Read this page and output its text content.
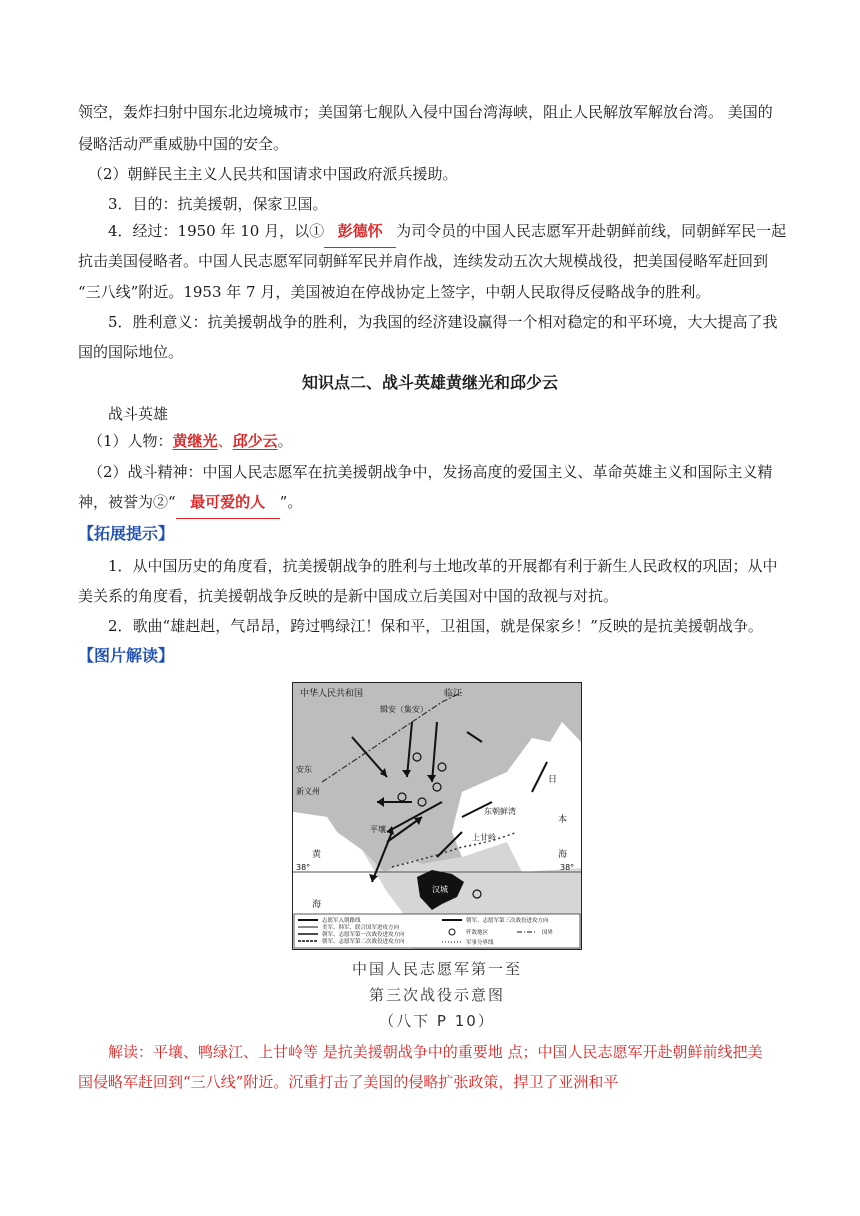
领空，轰炸扫射中国东北边境城市；美国第七舰队入侵中国台湾海峡，阻止人民解放军解放台湾。 美国的

侵略活动严重威胁中国的安全。

（2）朝鲜民主主义人民共和国请求中国政府派兵援助。

3．目的：抗美援朝，保家卫国。

4．经过：1950 年 10 月，以① 彭德怀 为司令员的中国人民志愿军开赴朝鲜前线，同朝鲜军民一起

抗击美国侵略者。中国人民志愿军同朝鲜军民并肩作战，连续发动五次大规模战役，把美国侵略军赶回到

“三八线”附近。1953 年 7 月，美国被迫在停战协定上签字，中朝人民取得反侵略战争的胜利。

5．胜利意义：抗美援朝战争的胜利，为我国的经济建设赢得一个相对稳定的和平环境，大大提高了我

国的国际地位。

知识点二、战斗英雄黄继光和邱少云

战斗英雄

（1）人物：黄继光、邱少云。

（2）战斗精神：中国人民志愿军在抗美援朝战争中，发扬高度的爱国主义、革命英雄主义和国际主义精

神，被誉为②“ 最可爱的人 ”。

【拓展提示】

1．从中国历史的角度看，抗美援朝战争的胜利与土地改革的开展都有利于新生人民政权的巩固；从中

美关系的角度看，抗美援朝战争反映的是新中国成立后美国对中国的敌视与对抗。

2．歌曲“雄赳赳，气昂昂，跨过鸭绿江！保和平，卫祖国，就是保家乡！”反映的是抗美援朝战争。

【图片解读】

中华人民共和国	临江
辑安（集安）
安东
新义州
平壤
上甘岭
汉城
东朝鲜湾
日
本
海
黄
海
38°	38°
志愿军入朝路线
美军、韩军、联合国军进攻方向
朝军、志愿军第一次战役进攻方向
朝军、志愿军第二次战役进攻方向
朝军、志愿军第三次战役进攻方向
歼敌地区	国界
军事分界线
中国人民志愿军第一至
第三次战役示意图
（八下 P 10）

解读：平壤、鸭绿江、上甘岭等 是抗美援朝战争中的重要地 点；中国人民志愿军开赴朝鲜前线把美

国侵略军赶回到“三八线”附近。沉重打击了美国的侵略扩张政策，捍卫了亚洲和平
